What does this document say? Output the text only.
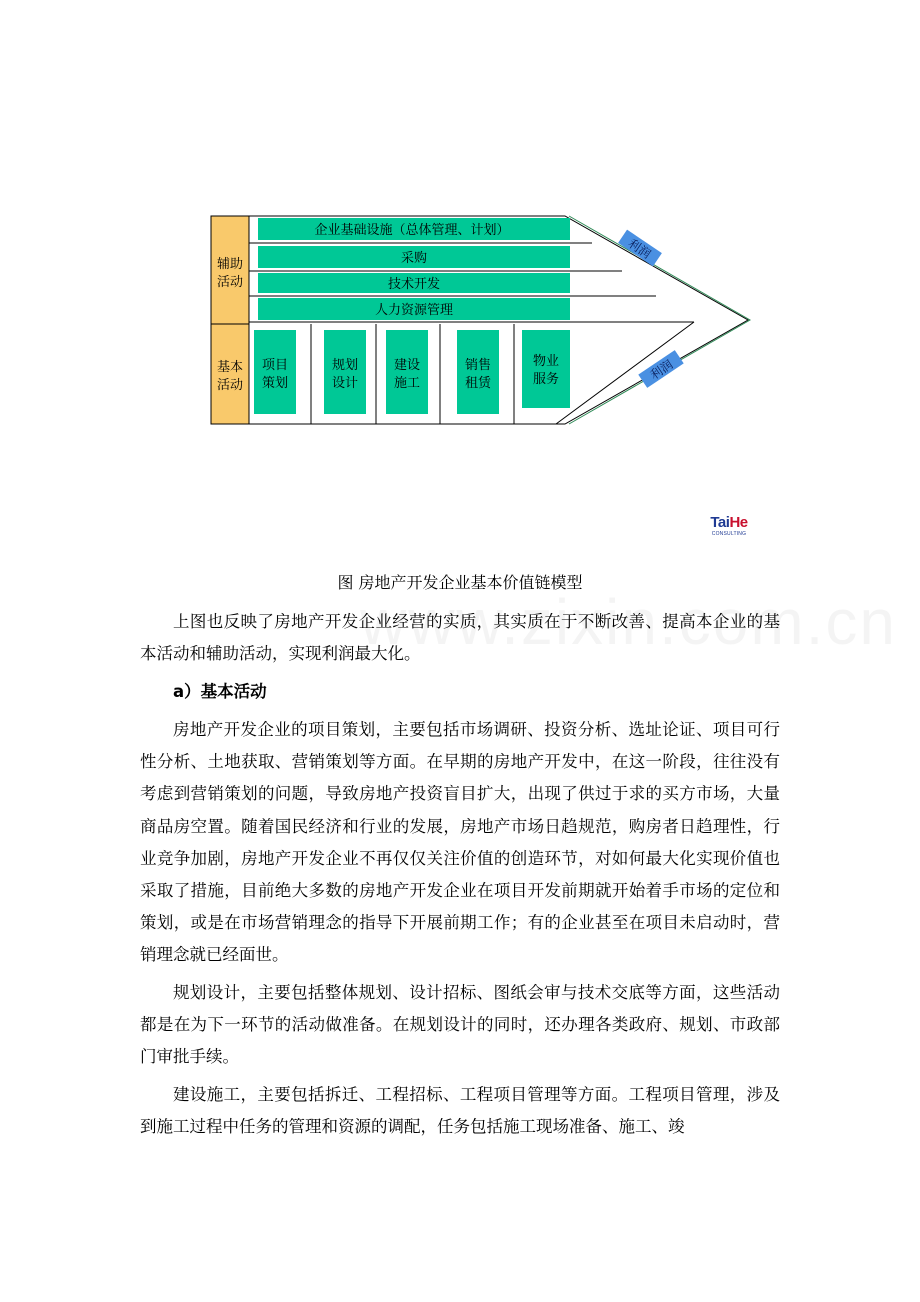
辅助
活动
基本
活动
企业基础设施（总体管理、计划）
采购
技术开发
人力资源管理
项目
策划
规划
设计
建设
施工
销售
租赁
物业
服务
利润
利润
TaiHe
CONSULTING
图 房地产开发企业基本价值链模型

上图也反映了房地产开发企业经营的实质，其实质在于不断改善、提高本企业的基本活动和辅助活动，实现利润最大化。

a）基本活动

房地产开发企业的项目策划，主要包括市场调研、投资分析、选址论证、项目可行性分析、土地获取、营销策划等方面。在早期的房地产开发中，在这一阶段，往往没有考虑到营销策划的问题，导致房地产投资盲目扩大，出现了供过于求的买方市场，大量商品房空置。随着国民经济和行业的发展，房地产市场日趋规范，购房者日趋理性，行业竞争加剧，房地产开发企业不再仅仅关注价值的创造环节，对如何最大化实现价值也采取了措施，目前绝大多数的房地产开发企业在项目开发前期就开始着手市场的定位和策划，或是在市场营销理念的指导下开展前期工作；有的企业甚至在项目未启动时，营销理念就已经面世。

规划设计，主要包括整体规划、设计招标、图纸会审与技术交底等方面，这些活动都是在为下一环节的活动做准备。在规划设计的同时，还办理各类政府、规划、市政部门审批手续。

建设施工，主要包括拆迁、工程招标、工程项目管理等方面。工程项目管理，涉及到施工过程中任务的管理和资源的调配，任务包括施工现场准备、施工、竣
